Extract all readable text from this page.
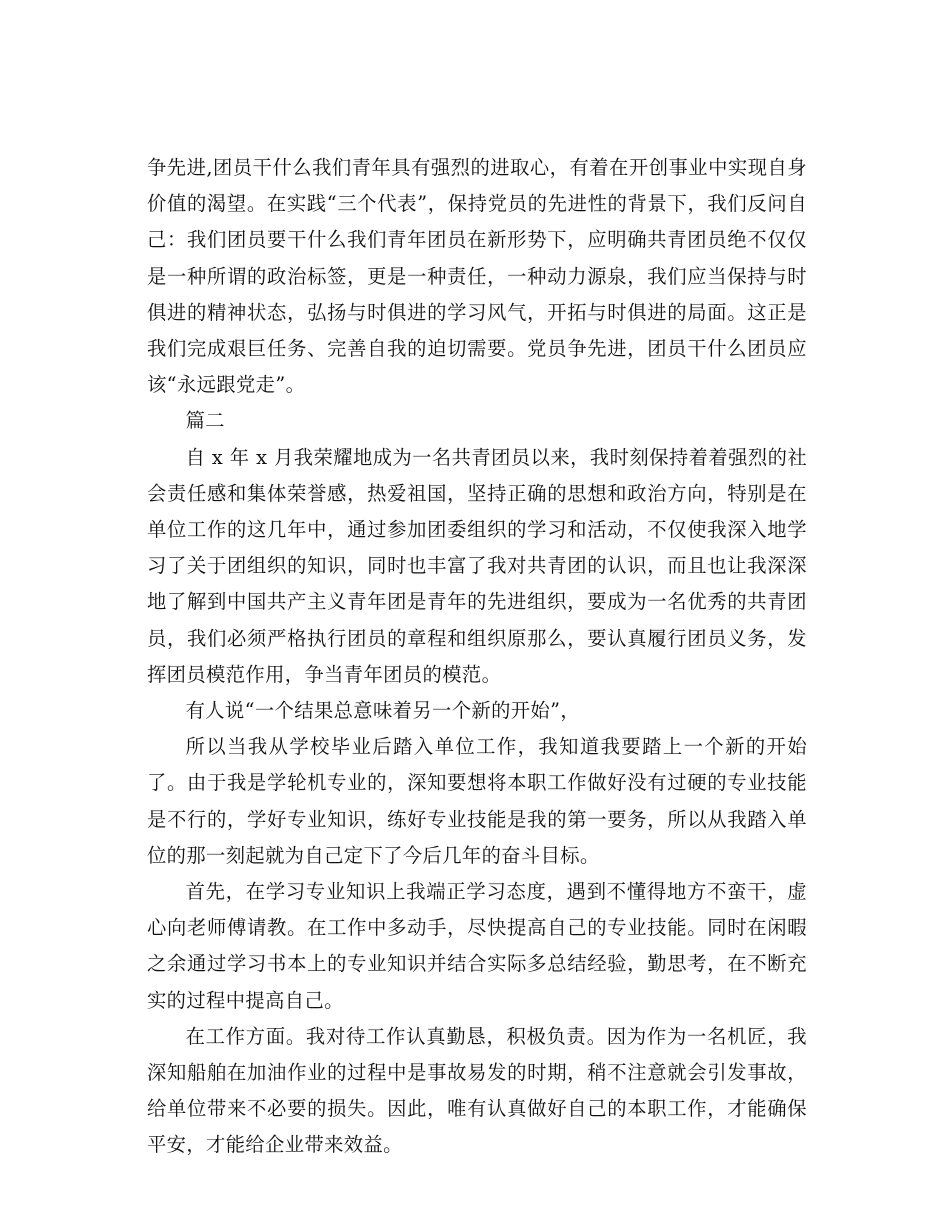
争先进,团员干什么我们青年具有强烈的进取心，有着在开创事业中实现自身价值的渴望。在实践“三个代表”，保持党员的先进性的背景下，我们反问自己：我们团员要干什么我们青年团员在新形势下，应明确共青团员绝不仅仅是一种所谓的政治标签，更是一种责任，一种动力源泉，我们应当保持与时俱进的精神状态，弘扬与时俱进的学习风气，开拓与时俱进的局面。这正是我们完成艰巨任务、完善自我的迫切需要。党员争先进，团员干什么团员应该“永远跟党走”。

篇二

自 x 年 x 月我荣耀地成为一名共青团员以来，我时刻保持着着强烈的社会责任感和集体荣誉感，热爱祖国，坚持正确的思想和政治方向，特别是在单位工作的这几年中，通过参加团委组织的学习和活动，不仅使我深入地学习了关于团组织的知识，同时也丰富了我对共青团的认识，而且也让我深深地了解到中国共产主义青年团是青年的先进组织，要成为一名优秀的共青团员，我们必须严格执行团员的章程和组织原那么，要认真履行团员义务，发挥团员模范作用，争当青年团员的模范。

有人说“一个结果总意味着另一个新的开始”，

所以当我从学校毕业后踏入单位工作，我知道我要踏上一个新的开始了。由于我是学轮机专业的，深知要想将本职工作做好没有过硬的专业技能是不行的，学好专业知识，练好专业技能是我的第一要务，所以从我踏入单位的那一刻起就为自己定下了今后几年的奋斗目标。

首先，在学习专业知识上我端正学习态度，遇到不懂得地方不蛮干，虚心向老师傅请教。在工作中多动手，尽快提高自己的专业技能。同时在闲暇之余通过学习书本上的专业知识并结合实际多总结经验，勤思考，在不断充实的过程中提高自己。

在工作方面。我对待工作认真勤恳，积极负责。因为作为一名机匠，我深知船舶在加油作业的过程中是事故易发的时期，稍不注意就会引发事故，给单位带来不必要的损失。因此，唯有认真做好自己的本职工作，才能确保平安，才能给企业带来效益。
